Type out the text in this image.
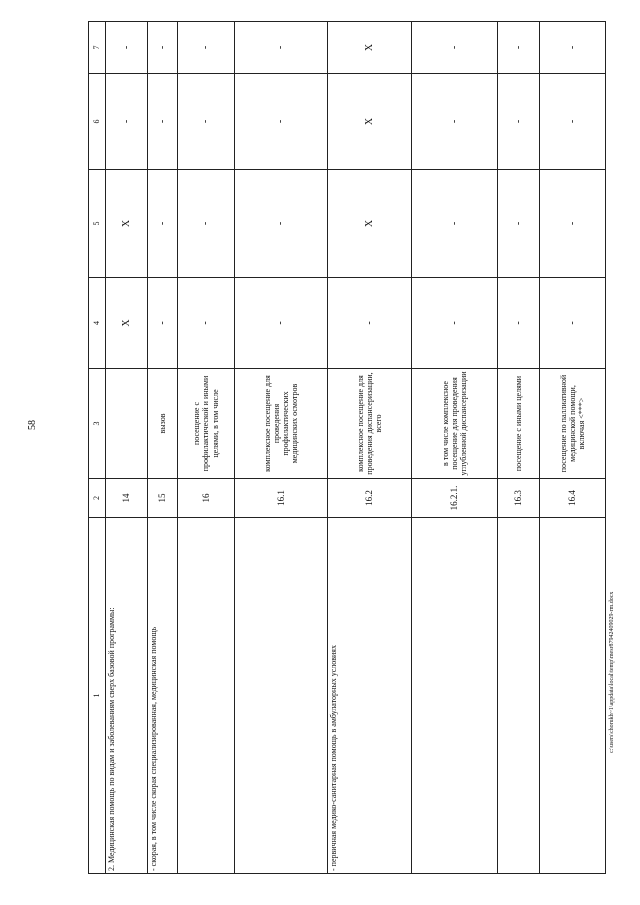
58
1	2	3	4	5	6	7
2. Медицинская помощь по видам и заболеваниям сверх базовой программы:	14		X	X	-	-
- скорая, в том числе скорая специализированная, медицинская помощь	15	вызов	-	-	-	-
	16	посещение с профилактической и иными целями, в том числе	-	-	-	-
	16.1	комплексное посещение для проведения профилактических медицинских осмотров	-	-	-	-
- первичная медико-санитарная помощь в амбулаторных условиях	16.2	комплексное посещение для проведения диспансеризации, всего	-	X	X	X
	16.2.1.	в том числе комплексное посещение для проведения углубленной диспансеризации	-	-	-	-
	16.3	посещение с иными целями	-	-	-	-
	16.4	посещение по паллиативной медицинской помощи, включая <***>	-	-	-	-
c:\users\chorukh~1\appdata\local\temp\mesr87942409029-rm.docx
